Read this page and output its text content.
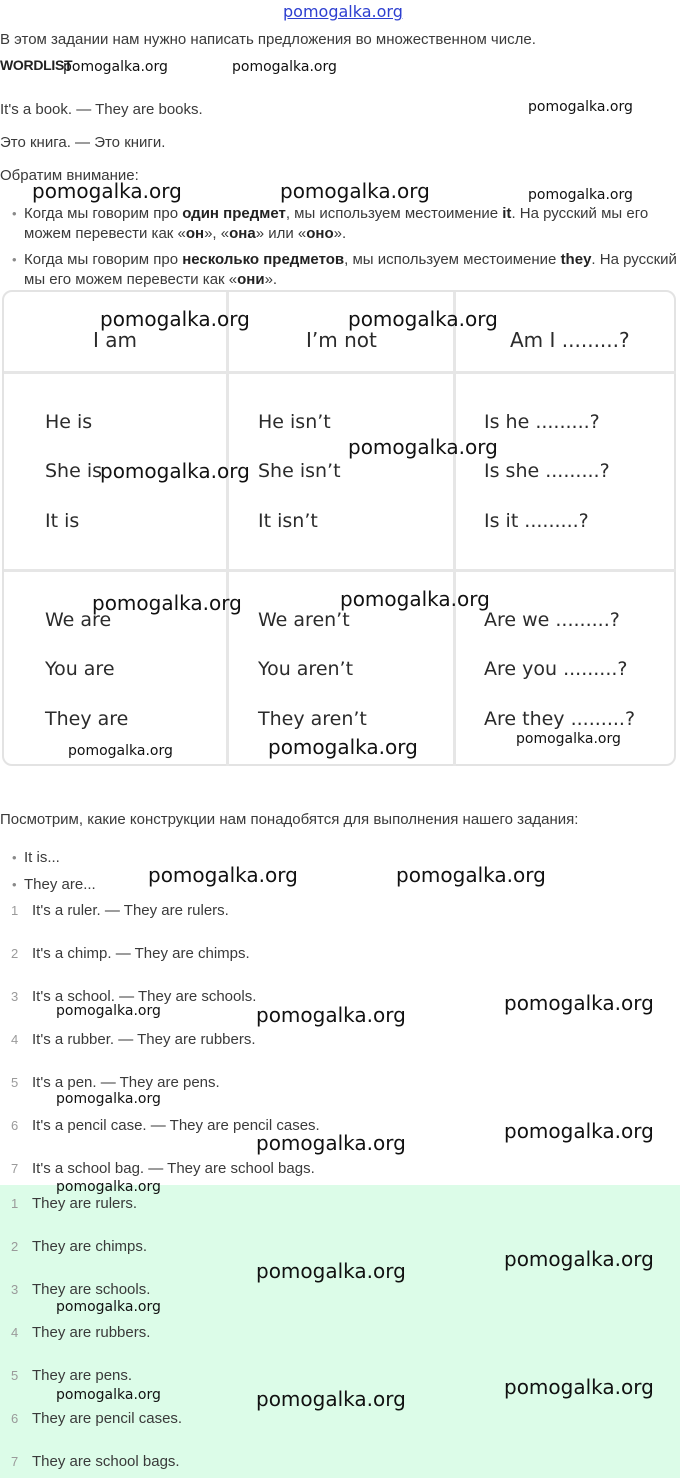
pomogalka.org
В этом задании нам нужно написать предложения во множественном числе.
WORDLIST
It's a book. — They are books.
Это книга. — Это книги.
Обратим внимание:
• Когда мы говорим про один предмет, мы используем местоимение it. На русский мы его можем перевести как «он», «она» или «оно».
• Когда мы говорим про несколько предметов, мы используем местоимение they. На русский мы его можем перевести как «они».
I am	I’m not	Am I .........?
He is	He isn’t	Is he .........?
She is	She isn’t	Is she .........?
It is	It isn’t	Is it .........?
We are	We aren’t	Are we .........?
You are	You aren’t	Are you .........?
They are	They aren’t	Are they .........?
Посмотрим, какие конструкции нам понадобятся для выполнения нашего задания:
• It is...
• They are...
1 It's a ruler. — They are rulers.
2 It's a chimp. — They are chimps.
3 It's a school. — They are schools.
4 It's a rubber. — They are rubbers.
5 It's a pen. — They are pens.
6 It's a pencil case. — They are pencil cases.
7 It's a school bag. — They are school bags.
1 They are rulers.
2 They are chimps.
3 They are schools.
4 They are rubbers.
5 They are pens.
6 They are pencil cases.
7 They are school bags.
pomogalka.org	pomogalka.org
pomogalka.org
pomogalka.org	pomogalka.org	pomogalka.org
pomogalka.org	pomogalka.org
pomogalka.org
pomogalka.org
pomogalka.org
pomogalka.org
pomogalka.org
pomogalka.org
pomogalka.org
pomogalka.org	pomogalka.org
pomogalka.org
pomogalka.org	pomogalka.org
pomogalka.org
pomogalka.org
pomogalka.org
pomogalka.org
pomogalka.org
pomogalka.org
pomogalka.org
pomogalka.org
pomogalka.org	pomogalka.org
